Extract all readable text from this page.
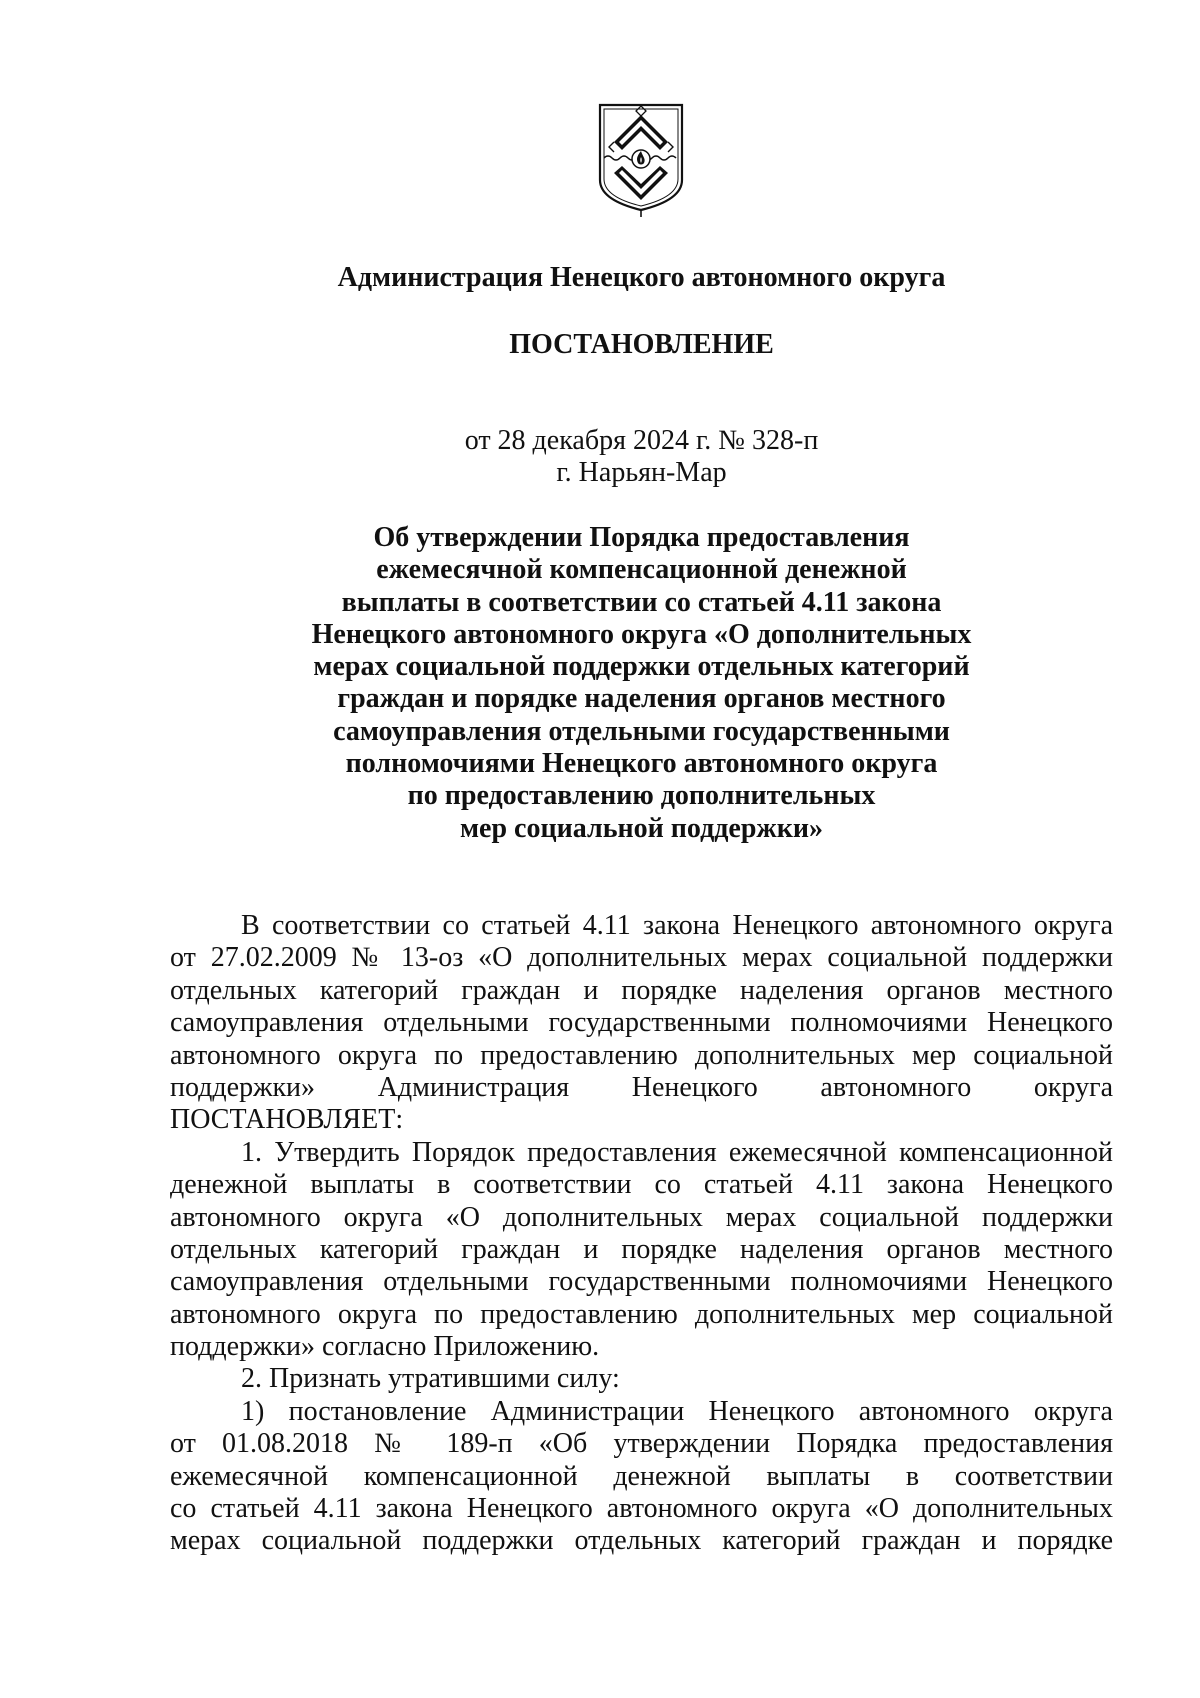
Администрация Ненецкого автономного округа
ПОСТАНОВЛЕНИЕ
от 28 декабря 2024 г. № 328-п
г. Нарьян-Мар
Об утверждении Порядка предоставления
ежемесячной компенсационной денежной
выплаты в соответствии со статьей 4.11 закона
Ненецкого автономного округа «О дополнительных
мерах социальной поддержки отдельных категорий
граждан и порядке наделения органов местного
самоуправления отдельными государственными
полномочиями Ненецкого автономного округа
по предоставлению дополнительных
мер социальной поддержки»
В соответствии со статьей 4.11 закона Ненецкого автономного округа
от 27.02.2009 № 13-оз «О дополнительных мерах социальной поддержки
отдельных категорий граждан и порядке наделения органов местного
самоуправления отдельными государственными полномочиями Ненецкого
автономного округа по предоставлению дополнительных мер социальной
поддержки» Администрация Ненецкого автономного округа
ПОСТАНОВЛЯЕТ:
1. Утвердить Порядок предоставления ежемесячной компенсационной
денежной выплаты в соответствии со статьей 4.11 закона Ненецкого
автономного округа «О дополнительных мерах социальной поддержки
отдельных категорий граждан и порядке наделения органов местного
самоуправления отдельными государственными полномочиями Ненецкого
автономного округа по предоставлению дополнительных мер социальной
поддержки» согласно Приложению.
2. Признать утратившими силу:
1) постановление Администрации Ненецкого автономного округа
от 01.08.2018 № 189-п «Об утверждении Порядка предоставления
ежемесячной компенсационной денежной выплаты в соответствии
со статьей 4.11 закона Ненецкого автономного округа «О дополнительных
мерах социальной поддержки отдельных категорий граждан и порядке
